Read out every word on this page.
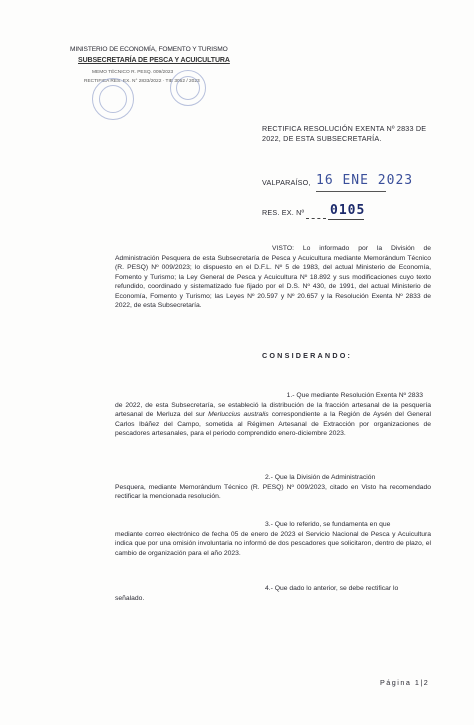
MINISTERIO DE ECONOMÍA, FOMENTO Y TURISMO
SUBSECRETARÍA DE PESCA Y ACUICULTURA
MEMO TÉCNICO R. PESQ. 009/2023
RECTIFICA RES. EX. N° 2833/2022 · TIE 3052 / 2023
RECTIFICA RESOLUCIÓN EXENTA Nº 2833 DE
2022, DE ESTA SUBSECRETARÍA.
VALPARAÍSO, 16 ENE 2023
RES. EX. Nº 0105
VISTO: Lo informado por la División de Administración Pesquera de esta Subsecretaría de Pesca y Acuicultura mediante Memorándum Técnico (R. PESQ) Nº 009/2023; lo dispuesto en el D.F.L. Nº 5 de 1983, del actual Ministerio de Economía, Fomento y Turismo; la Ley General de Pesca y Acuicultura Nº 18.892 y sus modificaciones cuyo texto refundido, coordinado y sistematizado fue fijado por el D.S. Nº 430, de 1991, del actual Ministerio de Economía, Fomento y Turismo; las Leyes Nº 20.597 y Nº 20.657 y la Resolución Exenta Nº 2833 de 2022, de esta Subsecretaría.
CONSIDERANDO:
1.- Que mediante Resolución Exenta Nº 2833
de 2022, de esta Subsecretaría, se estableció la distribución de la fracción artesanal de la pesquería artesanal de Merluza del sur Merluccius australis correspondiente a la Región de Aysén del General Carlos Ibáñez del Campo, sometida al Régimen Artesanal de Extracción por organizaciones de pescadores artesanales, para el periodo comprendido enero-diciembre 2023.
2.- Que la División de Administración
Pesquera, mediante Memorándum Técnico (R. PESQ) Nº 009/2023, citado en Visto ha recomendado rectificar la mencionada resolución.
3.- Que lo referido, se fundamenta en que
mediante correo electrónico de fecha 05 de enero de 2023 el Servicio Nacional de Pesca y Acuicultura indica que por una omisión involuntaria no informó de dos pescadores que solicitaron, dentro de plazo, el cambio de organización para el año 2023.
4.- Que dado lo anterior, se debe rectificar lo
señalado.
Página 1|2
